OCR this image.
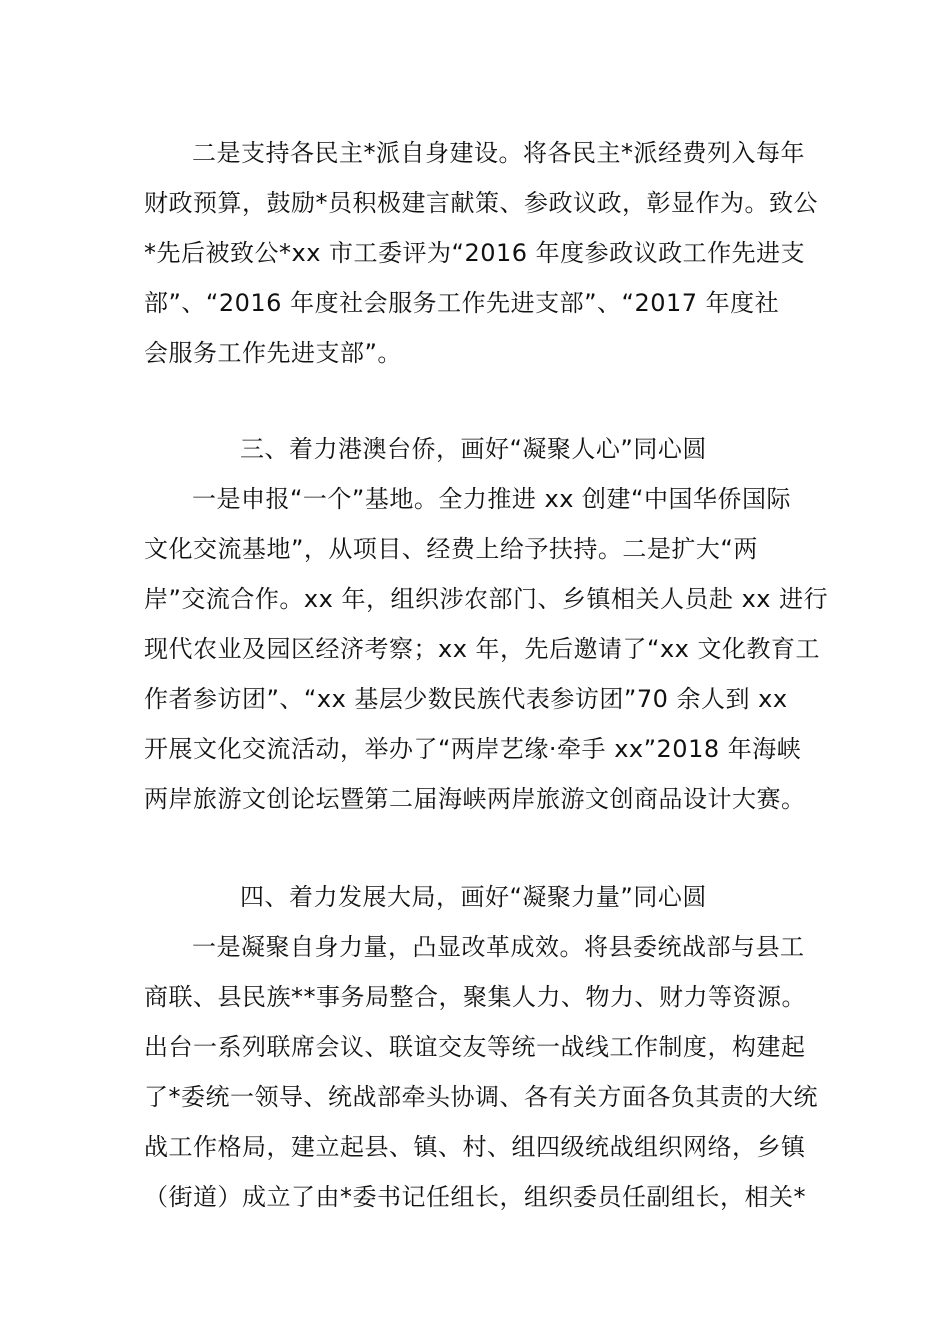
二是支持各民主*派自身建设。将各民主*派经费列入每年
财政预算，鼓励*员积极建言献策、参政议政，彰显作为。致公
*先后被致公*xx 市工委评为“2016 年度参政议政工作先进支
部”、“2016 年度社会服务工作先进支部”、“2017 年度社
会服务工作先进支部”。
三、着力港澳台侨，画好“凝聚人心”同心圆
一是申报“一个”基地。全力推进 xx 创建“中国华侨国际
文化交流基地”，从项目、经费上给予扶持。二是扩大“两
岸”交流合作。xx 年，组织涉农部门、乡镇相关人员赴 xx 进行
现代农业及园区经济考察；xx 年，先后邀请了“xx 文化教育工
作者参访团”、“xx 基层少数民族代表参访团”70 余人到 xx
开展文化交流活动，举办了“两岸艺缘·牵手 xx”2018 年海峡
两岸旅游文创论坛暨第二届海峡两岸旅游文创商品设计大赛。
四、着力发展大局，画好“凝聚力量”同心圆
一是凝聚自身力量，凸显改革成效。将县委统战部与县工
商联、县民族**事务局整合，聚集人力、物力、财力等资源。
出台一系列联席会议、联谊交友等统一战线工作制度，构建起
了*委统一领导、统战部牵头协调、各有关方面各负其责的大统
战工作格局，建立起县、镇、村、组四级统战组织网络，乡镇
（街道）成立了由*委书记任组长，组织委员任副组长，相关*
